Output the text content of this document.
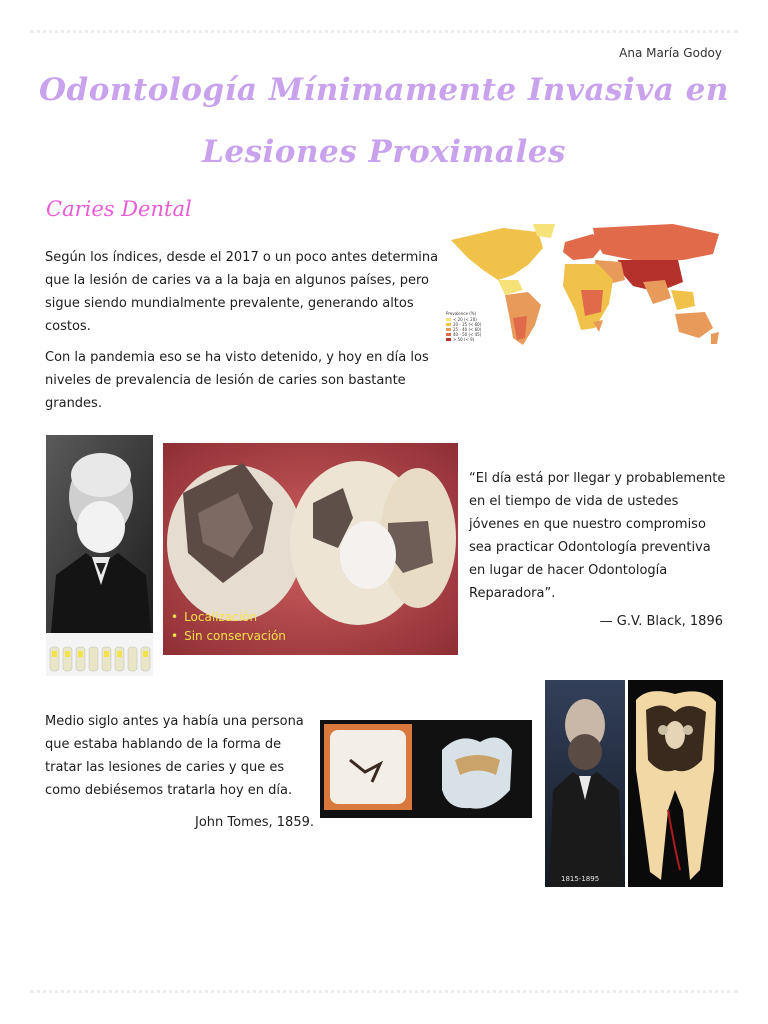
Ana María Godoy
Odontología Mínimamente Invasiva en
Lesiones Proximales
Caries Dental
Según los índices, desde el 2017 o un poco antes determina que la lesión de caries va a la baja en algunos países, pero sigue siendo mundialmente prevalente, generando altos costos.
Con la pandemia eso se ha visto detenido, y hoy en día los niveles de prevalencia de lesión de caries son bastante grandes.
Prevalence (%)
< 20 (< 20)
20 - 25 (< 60)
25 - 40 (< 60)
40 - 50 (< 45)
> 50 (< 9)
• Localización
• Sin conservación
“El día está por llegar y probablemente en el tiempo de vida de ustedes jóvenes en que nuestro compromiso sea practicar Odontología preventiva en lugar de hacer Odontología Reparadora”.
— G.V. Black, 1896
Medio siglo antes ya había una persona que estaba hablando de la forma de tratar las lesiones de caries y que es como debiésemos tratarla hoy en día.
John Tomes, 1859.
1815-1895
